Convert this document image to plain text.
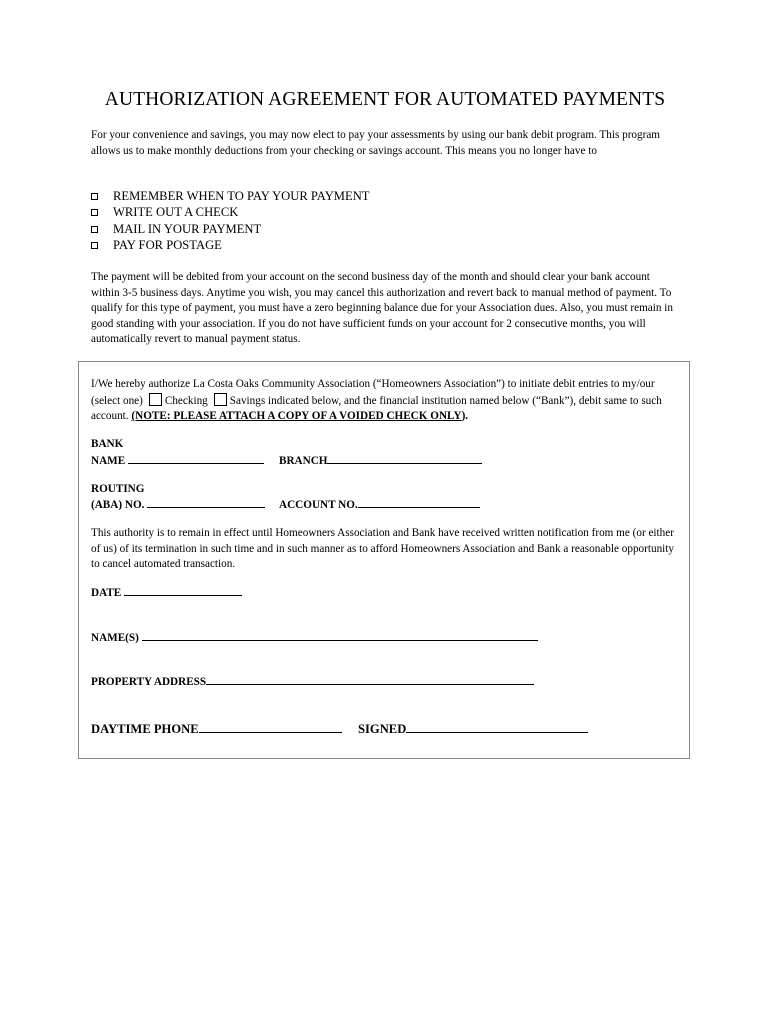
AUTHORIZATION AGREEMENT FOR AUTOMATED PAYMENTS
For your convenience and savings, you may now elect to pay your assessments by using our bank debit program. This program allows us to make monthly deductions from your checking or savings account. This means you no longer have to
REMEMBER WHEN TO PAY YOUR PAYMENT
WRITE OUT A CHECK
MAIL IN YOUR PAYMENT
PAY FOR POSTAGE
The payment will be debited from your account on the second business day of the month and should clear your bank account within 3-5 business days. Anytime you wish, you may cancel this authorization and revert back to manual method of payment. To qualify for this type of payment, you must have a zero beginning balance due for your Association dues. Also, you must remain in good standing with your association. If you do not have sufficient funds on your account for 2 consecutive months, you will automatically revert to manual payment status.
I/We hereby authorize La Costa Oaks Community Association (“Homeowners Association”) to initiate debit entries to my/our (select one) Checking Savings indicated below, and the financial institution named below (“Bank”), debit same to such account. (NOTE: PLEASE ATTACH A COPY OF A VOIDED CHECK ONLY).
BANK
NAME	BRANCH
ROUTING
(ABA) NO.	ACCOUNT NO.
This authority is to remain in effect until Homeowners Association and Bank have received written notification from me (or either of us) of its termination in such time and in such manner as to afford Homeowners Association and Bank a reasonable opportunity to cancel automated transaction.
DATE
NAME(S)
PROPERTY ADDRESS
DAYTIME PHONE	SIGNED
